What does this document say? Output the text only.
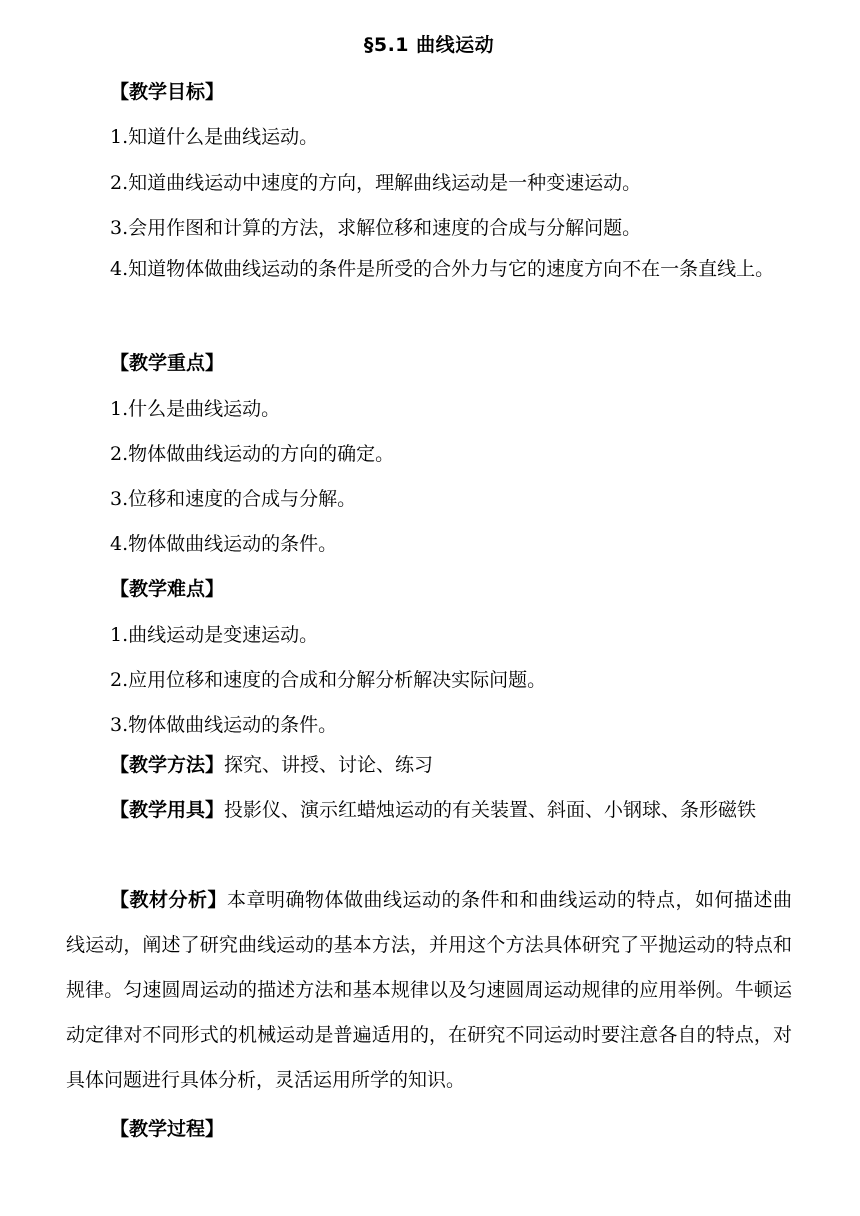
§5.1 曲线运动
【教学目标】
1.知道什么是曲线运动。
2.知道曲线运动中速度的方向，理解曲线运动是一种变速运动。
3.会用作图和计算的方法，求解位移和速度的合成与分解问题。
4.知道物体做曲线运动的条件是所受的合外力与它的速度方向不在一条直线上。
【教学重点】
1.什么是曲线运动。
2.物体做曲线运动的方向的确定。
3.位移和速度的合成与分解。
4.物体做曲线运动的条件。
【教学难点】
1.曲线运动是变速运动。
2.应用位移和速度的合成和分解分析解决实际问题。
3.物体做曲线运动的条件。
【教学方法】探究、讲授、讨论、练习
【教学用具】投影仪、演示红蜡烛运动的有关装置、斜面、小钢球、条形磁铁
【教材分析】本章明确物体做曲线运动的条件和和曲线运动的特点，如何描述曲线运动，阐述了研究曲线运动的基本方法，并用这个方法具体研究了平抛运动的特点和规律。匀速圆周运动的描述方法和基本规律以及匀速圆周运动规律的应用举例。牛顿运动定律对不同形式的机械运动是普遍适用的，在研究不同运动时要注意各自的特点，对具体问题进行具体分析，灵活运用所学的知识。
【教学过程】
